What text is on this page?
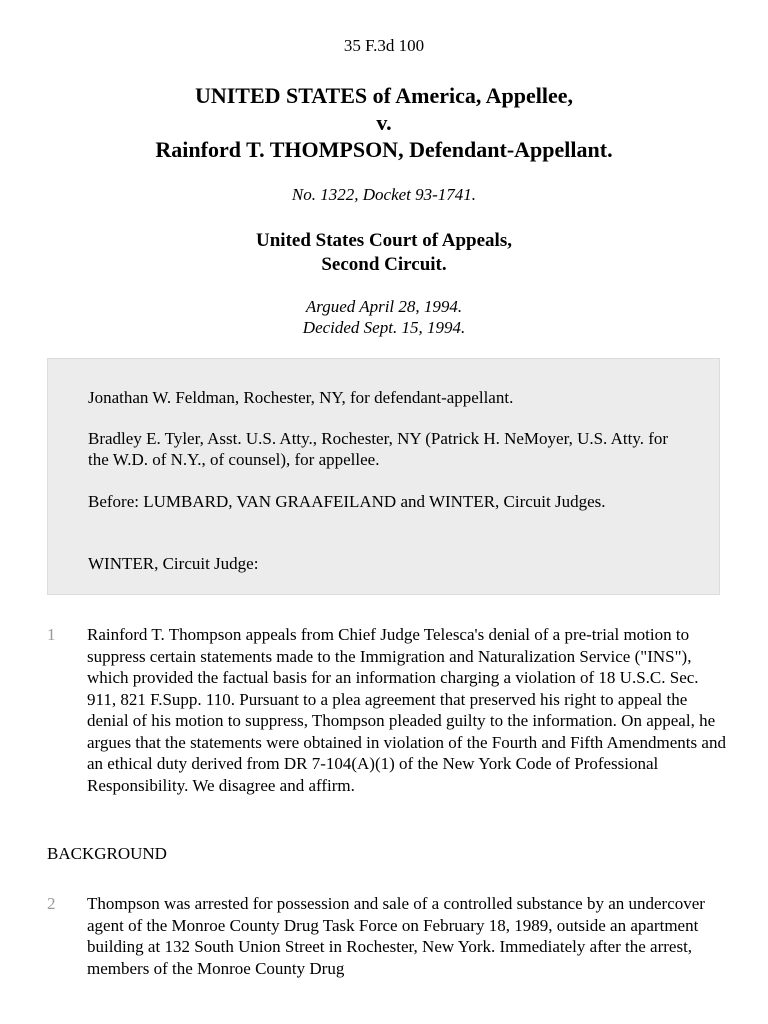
35 F.3d 100
UNITED STATES of America, Appellee,
v.
Rainford T. THOMPSON, Defendant-Appellant.
No. 1322, Docket 93-1741.
United States Court of Appeals,
Second Circuit.
Argued April 28, 1994.
Decided Sept. 15, 1994.

Jonathan W. Feldman, Rochester, NY, for defendant-appellant.

Bradley E. Tyler, Asst. U.S. Atty., Rochester, NY (Patrick H. NeMoyer, U.S. Atty. for the W.D. of N.Y., of counsel), for appellee.

Before: LUMBARD, VAN GRAAFEILAND and WINTER, Circuit Judges.

WINTER, Circuit Judge:

1 Rainford T. Thompson appeals from Chief Judge Telesca's denial of a pre-trial motion to suppress certain statements made to the Immigration and Naturalization Service ("INS"), which provided the factual basis for an information charging a violation of 18 U.S.C. Sec. 911, 821 F.Supp. 110. Pursuant to a plea agreement that preserved his right to appeal the denial of his motion to suppress, Thompson pleaded guilty to the information. On appeal, he argues that the statements were obtained in violation of the Fourth and Fifth Amendments and an ethical duty derived from DR 7-104(A)(1) of the New York Code of Professional Responsibility. We disagree and affirm.
BACKGROUND
2 Thompson was arrested for possession and sale of a controlled substance by an undercover agent of the Monroe County Drug Task Force on February 18, 1989, outside an apartment building at 132 South Union Street in Rochester, New York. Immediately after the arrest, members of the Monroe County Drug
